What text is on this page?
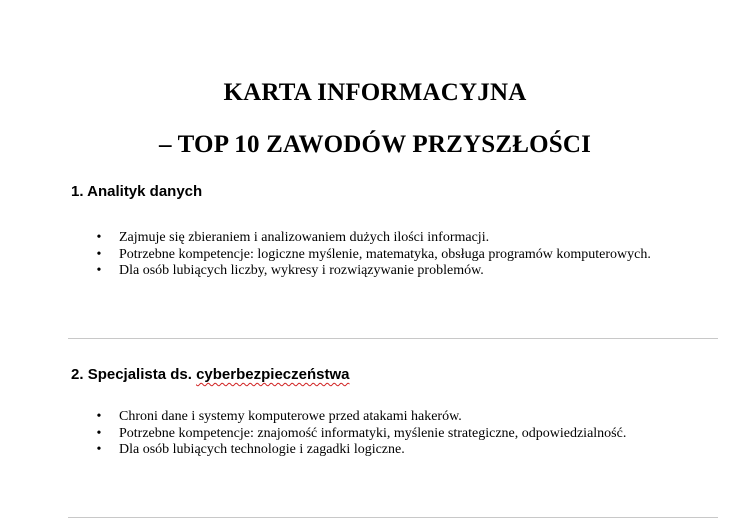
KARTA INFORMACYJNA
– TOP 10 ZAWODÓW PRZYSZŁOŚCI
1. Analityk danych
• Zajmuje się zbieraniem i analizowaniem dużych ilości informacji.
• Potrzebne kompetencje: logiczne myślenie, matematyka, obsługa programów komputerowych.
• Dla osób lubiących liczby, wykresy i rozwiązywanie problemów.
2. Specjalista ds. cyberbezpieczeństwa
• Chroni dane i systemy komputerowe przed atakami hakerów.
• Potrzebne kompetencje: znajomość informatyki, myślenie strategiczne, odpowiedzialność.
• Dla osób lubiących technologie i zagadki logiczne.
